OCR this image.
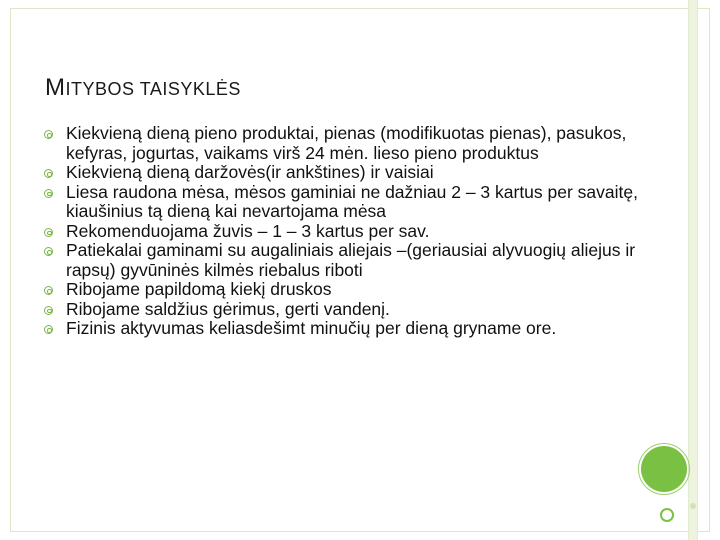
MITYBOS TAISYKLĖS
Kiekvieną dieną pieno produktai, pienas (modifikuotas pienas), pasukos, kefyras, jogurtas, vaikams virš 24 mėn. lieso pieno produktus
Kiekvieną dieną daržovės(ir ankštines) ir vaisiai
Liesa raudona mėsa, mėsos gaminiai ne dažniau 2 – 3 kartus per savaitę, kiaušinius tą dieną kai nevartojama mėsa
Rekomenduojama žuvis – 1 – 3 kartus per sav.
Patiekalai gaminami su augaliniais aliejais –(geriausiai alyvuogių aliejus ir rapsų) gyvūninės kilmės riebalus riboti
Ribojame papildomą kiekį druskos
Ribojame saldžius gėrimus, gerti vandenį.
Fizinis aktyvumas keliasdešimt minučių per dieną gryname ore.
